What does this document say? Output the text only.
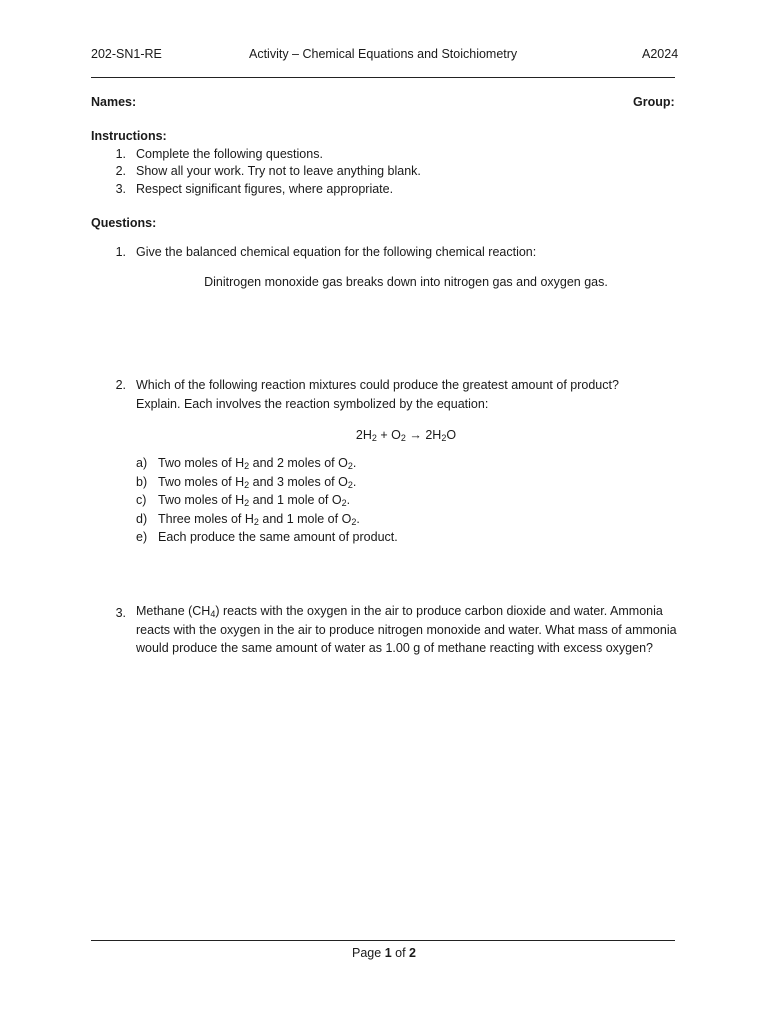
202-SN1-RE	Activity – Chemical Equations and Stoichiometry	A2024
Names:	Group:
Instructions:
1. Complete the following questions.
2. Show all your work. Try not to leave anything blank.
3. Respect significant figures, where appropriate.
Questions:
1. Give the balanced chemical equation for the following chemical reaction:
Dinitrogen monoxide gas breaks down into nitrogen gas and oxygen gas.
2. Which of the following reaction mixtures could produce the greatest amount of product?
Explain. Each involves the reaction symbolized by the equation:
$2H_2 + O_2 \to 2H_2O$
a) Two moles of $H_2$ and 2 moles of $O_2$.
b) Two moles of $H_2$ and 3 moles of $O_2$.
c) Two moles of $H_2$ and 1 mole of $O_2$.
d) Three moles of $H_2$ and 1 mole of $O_2$.
e) Each produce the same amount of product.
3. Methane $(CH_4)$ reacts with the oxygen in the air to produce carbon dioxide and water. Ammonia reacts with the oxygen in the air to produce nitrogen monoxide and water. What mass of ammonia would produce the same amount of water as 1.00 g of methane reacting with excess oxygen?
Page 1 of 2
